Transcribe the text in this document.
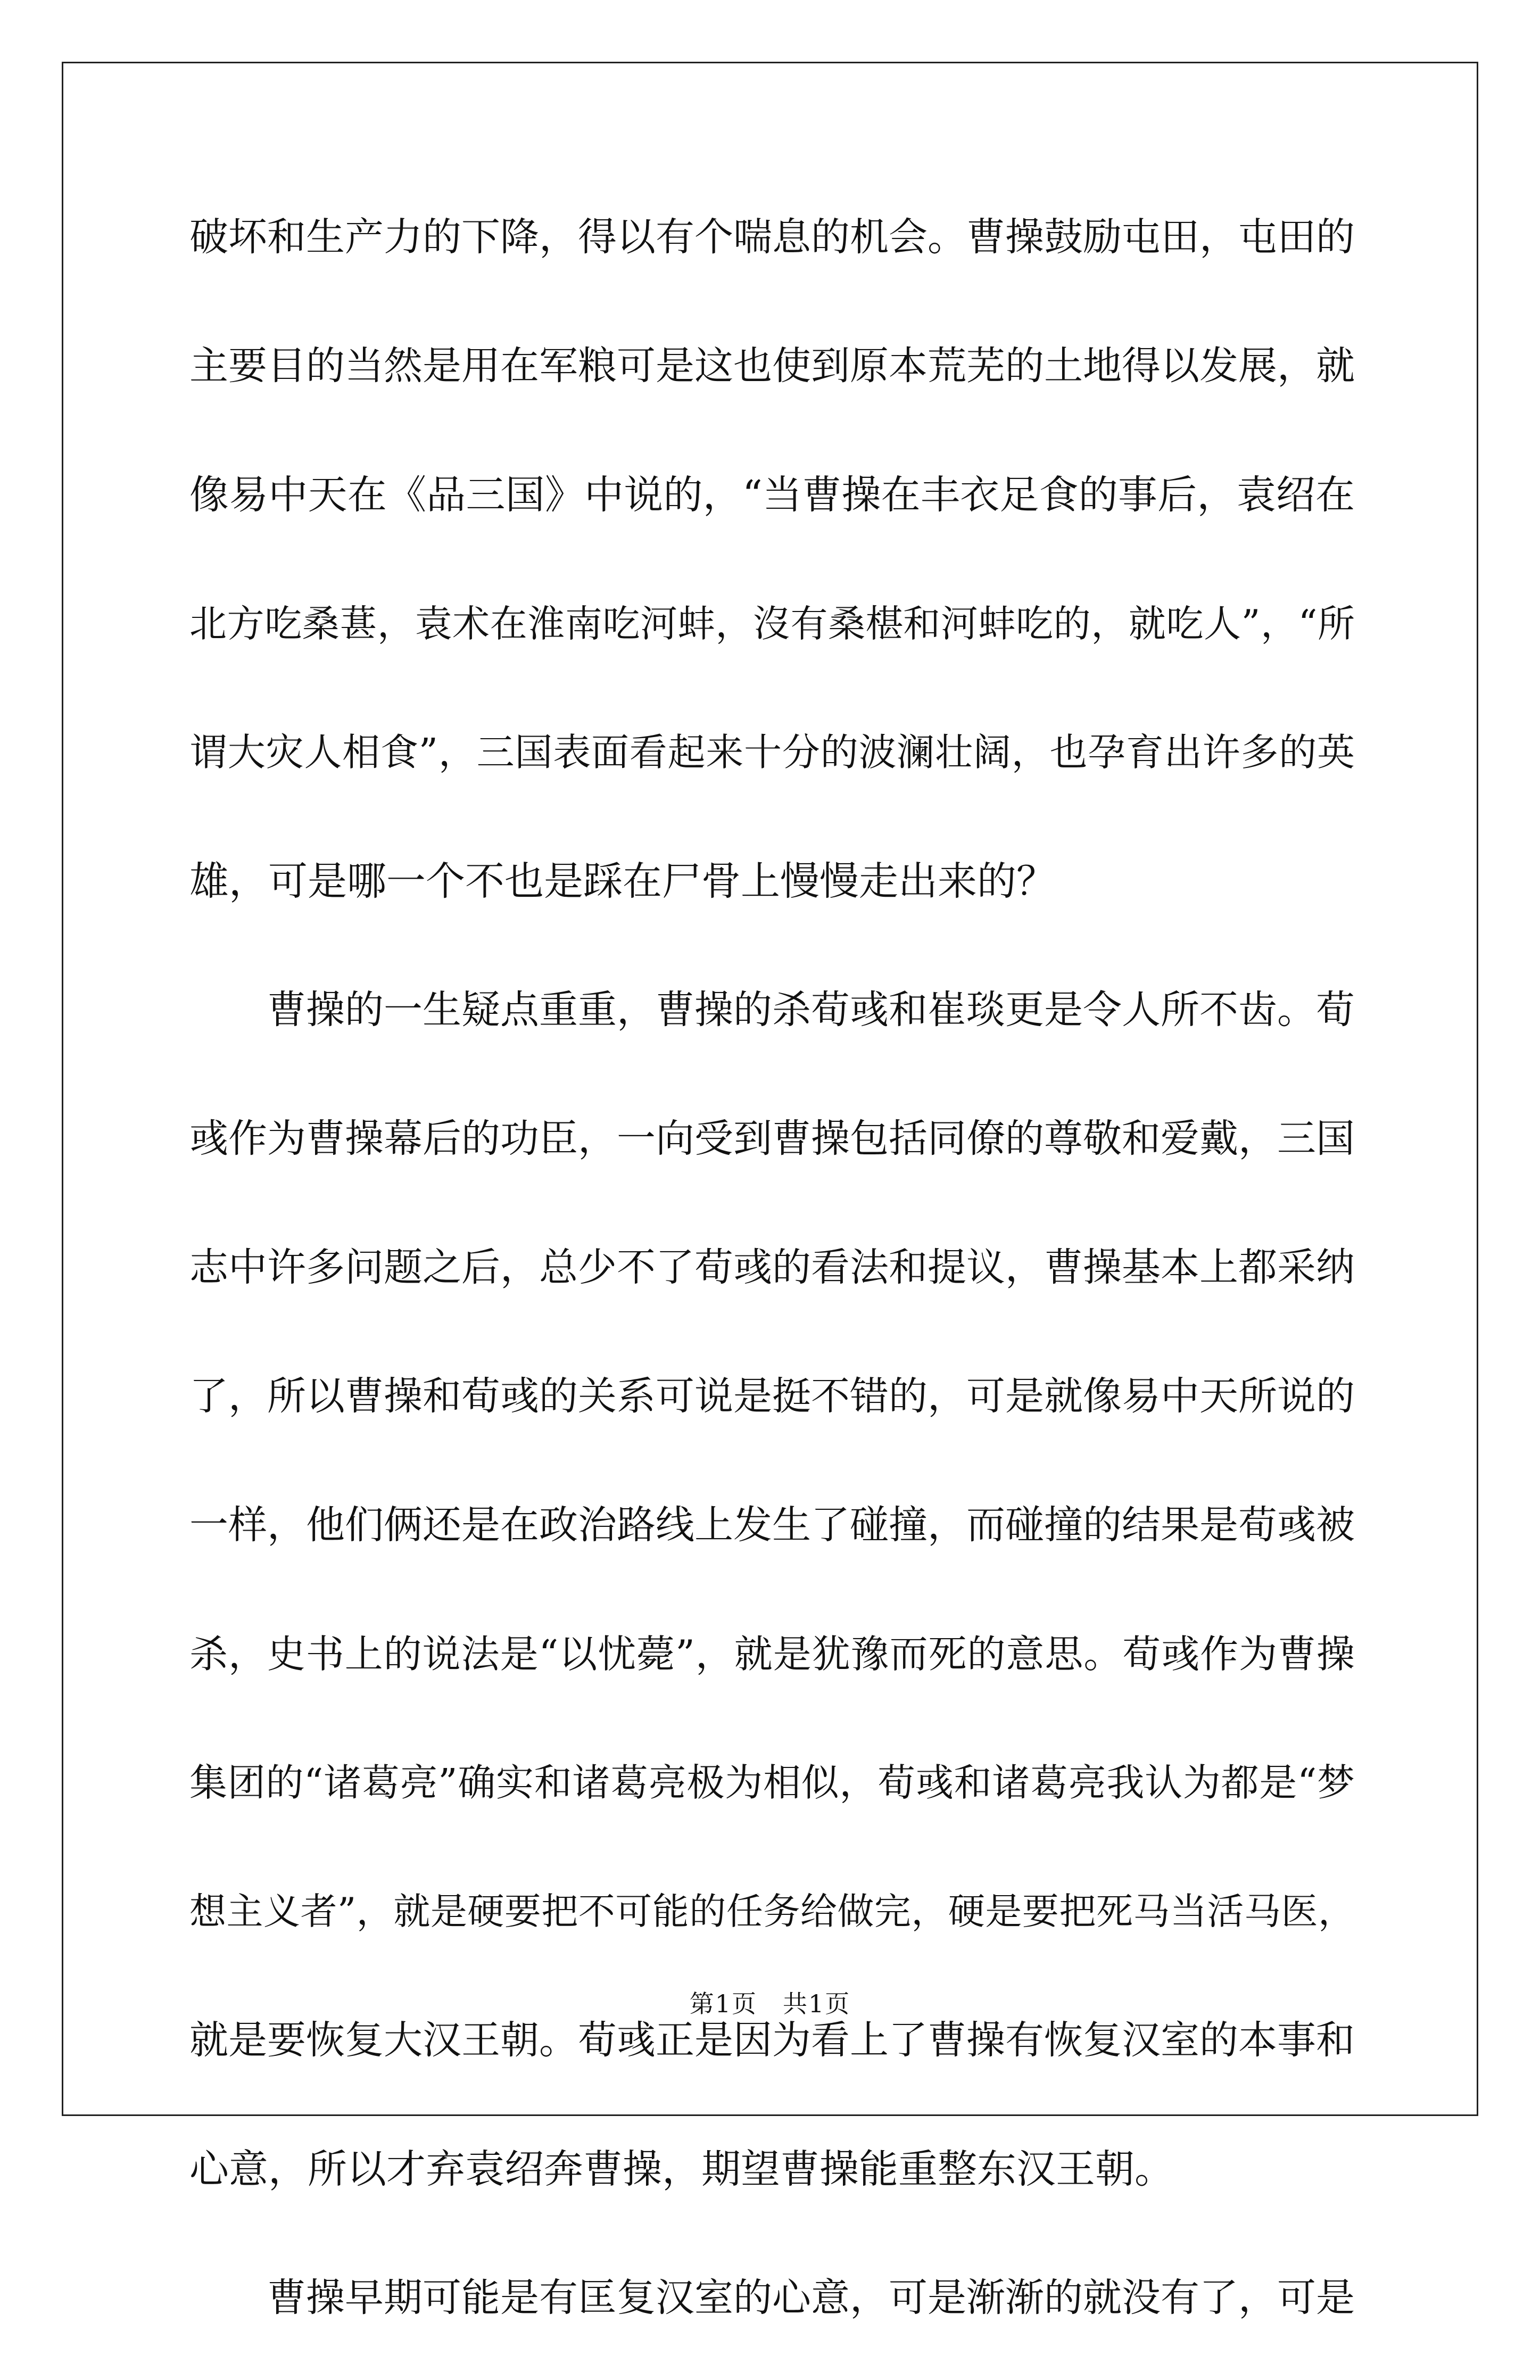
破坏和生产力的下降，得以有个喘息的机会。曹操鼓励屯田，屯田的
主要目的当然是用在军粮可是这也使到原本荒芜的土地得以发展，就
像易中天在《品三国》中说的，“当曹操在丰衣足食的事后，袁绍在
北方吃桑葚，袁术在淮南吃河蚌，沒有桑椹和河蚌吃的，就吃人”，“所
谓大灾人相食”，三国表面看起来十分的波澜壮阔，也孕育出许多的英
雄，可是哪一个不也是踩在尸骨上慢慢走出来的？
曹操的一生疑点重重，曹操的杀荀彧和崔琰更是令人所不齿。荀
彧作为曹操幕后的功臣，一向受到曹操包括同僚的尊敬和爱戴，三国
志中许多问题之后，总少不了荀彧的看法和提议，曹操基本上都采纳
了，所以曹操和荀彧的关系可说是挺不错的，可是就像易中天所说的
一样，他们俩还是在政治路线上发生了碰撞，而碰撞的结果是荀彧被
杀，史书上的说法是“以忧薨”，就是犹豫而死的意思。荀彧作为曹操
集团的“诸葛亮”确实和诸葛亮极为相似，荀彧和诸葛亮我认为都是“梦
想主义者”，就是硬要把不可能的任务给做完，硬是要把死马当活马医，
就是要恢复大汉王朝。荀彧正是因为看上了曹操有恢复汉室的本事和
心意，所以才弃袁绍奔曹操，期望曹操能重整东汉王朝。
曹操早期可能是有匡复汉室的心意，可是渐渐的就没有了，可是
第1页　共1页
